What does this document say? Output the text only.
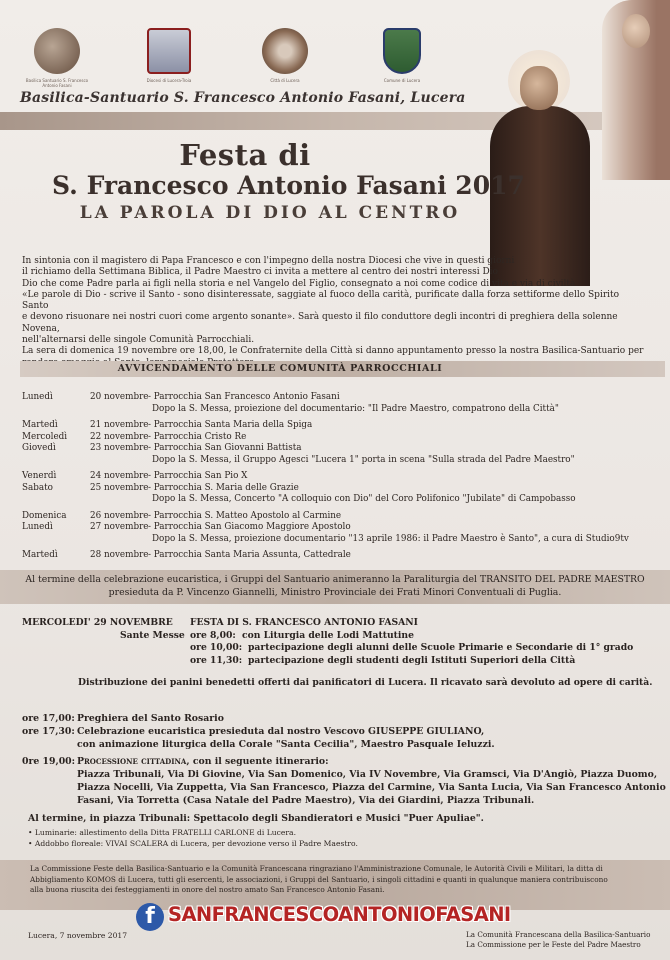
Basilica Santuario S. Francesco Antonio Fasani
Diocesi di Lucera-Troia	Città di Lucera	Comune di Lucera
Basilica-Santuario S. Francesco Antonio Fasani, Lucera
Festa di
S. Francesco Antonio Fasani 2017
LA PAROLA DI DIO AL CENTRO

In sintonia con il magistero di Papa Francesco e con l'impegno della nostra Diocesi che vive in questi giorni

il richiamo della Settimana Biblica, il Padre Maestro ci invita a mettere al centro dei nostri interessi Dio

Dio che come Padre parla ai figli nella storia e nel Vangelo del Figlio, consegnato a noi come codice di vita e via di civiltà.

«Le parole di Dio - scrive il Santo - sono disinteressate, saggiate al fuoco della carità, purificate dalla forza settiforme dello Spirito Santo

e devono risuonare nei nostri cuori come argento sonante». Sarà questo il filo conduttore degli incontri di preghiera della solenne Novena,

nell'alternarsi delle singole Comunità Parrocchiali.

La sera di domenica 19 novembre ore 18,00, le Confraternite della Città si danno appuntamento presso la nostra Basilica-Santuario per

AVVICENDAMENTO DELLE COMUNITÀ PARROCCHIALI
Lunedì	20 novembre - Parrocchia San Francesco Antonio Fasani
Dopo la S. Messa, proiezione del documentario: "Il Padre Maestro, compatrono della Città"
Martedì	21 novembre - Parrocchia Santa Maria della Spiga
Mercoledì	22 novembre - Parrocchia Cristo Re
Giovedì	23 novembre - Parrocchia San Giovanni Battista
Dopo la S. Messa, il Gruppo Agesci "Lucera 1" porta in scena "Sulla strada del Padre Maestro"
Venerdì	24 novembre - Parrocchia San Pio X
Sabato	25 novembre - Parrocchia S. Maria delle Grazie
Dopo la S. Messa, Concerto "A colloquio con Dio" del Coro Polifonico "Jubilate" di Campobasso
Domenica	26 novembre - Parrocchia S. Matteo Apostolo al Carmine
Lunedì	27 novembre - Parrocchia San Giacomo Maggiore Apostolo
Dopo la S. Messa, proiezione documentario "13 aprile 1986: il Padre Maestro è Santo", a cura di Studio9tv
Martedì	28 novembre - Parrocchia Santa Maria Assunta, Cattedrale
Al termine della celebrazione eucaristica, i Gruppi del Santuario animeranno la Paraliturgia del TRANSITO DEL PADRE MAESTRO
presieduta da P. Vincenzo Giannelli, Ministro Provinciale dei Frati Minori Conventuali di Puglia.
MERCOLEDI' 29 NOVEMBRE FESTA DI S. FRANCESCO ANTONIO FASANI
Sante Messe ore 8,00: con Liturgia delle Lodi Mattutine
ore 10,00: partecipazione degli alunni delle Scuole Primarie e Secondarie di 1° grado
ore 11,30: partecipazione degli studenti degli Istituti Superiori della Città
Distribuzione dei panini benedetti offerti dai panificatori di Lucera. Il ricavato sarà devoluto ad opere di carità.
ore 17,00: Preghiera del Santo Rosario
ore 17,30: Celebrazione eucaristica presieduta dal nostro Vescovo GIUSEPPE GIULIANO,
con animazione liturgica della Corale "Santa Cecilia", Maestro Pasquale Ieluzzi.
0re 19,00: Processione cittadina, con il seguente itinerario:
Piazza Tribunali, Via Di Giovine, Via San Domenico, Via IV Novembre, Via Gramsci, Via D'Angiò, Piazza Duomo,
Piazza Nocelli, Via Zuppetta, Via San Francesco, Piazza del Carmine, Via Santa Lucia, Via San Francesco Antonio
Fasani, Via Torretta (Casa Natale del Padre Maestro), Via dei Giardini, Piazza Tribunali.
Al termine, in piazza Tribunali: Spettacolo degli Sbandieratori e Musici "Puer Apuliae".
• Luminarie: allestimento della Ditta FRATELLI CARLONE di Lucera.
• Addobbo floreale: VIVAI SCALERA di Lucera, per devozione verso il Padre Maestro.
La Commissione Feste della Basilica-Santuario e la Comunità Francescana ringraziano l'Amministrazione Comunale, le Autorità Civili e Militari, la ditta di
Abbigliamento KOMOS di Lucera, tutti gli esercenti, le associazioni, i Gruppi del Santuario, i singoli cittadini e quanti in qualunque maniera contribuiscono
alla buona riuscita dei festeggiamenti in onore del nostro amato San Francesco Antonio Fasani.
f SANFRANCESCOANTONIOFASANI
Lucera, 7 novembre 2017	La Comunità Francescana della Basilica-Santuario
La Commissione per le Feste del Padre Maestro
